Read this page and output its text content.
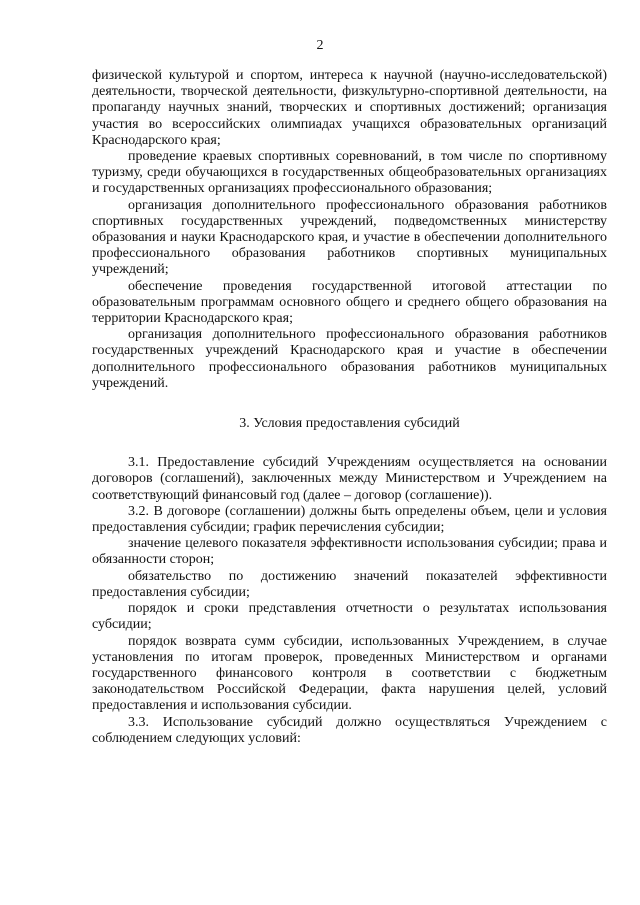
2

физической культурой и спортом, интереса к научной (научно-исследовательской) деятельности, творческой деятельности, физкультурно-спортивной деятельности, на пропаганду научных знаний, творческих и спортивных достижений; организация участия во всероссийских олимпиадах учащихся образовательных организаций Краснодарского края;

проведение краевых спортивных соревнований, в том числе по спортивному туризму, среди обучающихся в государственных общеобразовательных организациях и государственных организациях профессионального образования;

организация дополнительного профессионального образования работников спортивных государственных учреждений, подведомственных министерству образования и науки Краснодарского края, и участие в обеспечении дополнительного профессионального образования работников спортивных муниципальных учреждений;

обеспечение проведения государственной итоговой аттестации по образовательным программам основного общего и среднего общего образования на территории Краснодарского края;

организация дополнительного профессионального образования работников государственных учреждений Краснодарского края и участие в обеспечении дополнительного профессионального образования работников муниципальных учреждений.

3. Условия предоставления субсидий

3.1. Предоставление субсидий Учреждениям осуществляется на основании договоров (соглашений), заключенных между Министерством и Учреждением на соответствующий финансовый год (далее – договор (соглашение)).

3.2. В договоре (соглашении) должны быть определены объем, цели и условия предоставления субсидии; график перечисления субсидии;

значение целевого показателя эффективности использования субсидии; права и обязанности сторон;

обязательство по достижению значений показателей эффективности предоставления субсидии;

порядок и сроки представления отчетности о результатах использования субсидии;

порядок возврата сумм субсидии, использованных Учреждением, в случае установления по итогам проверок, проведенных Министерством и органами государственного финансового контроля в соответствии с бюджетным законодательством Российской Федерации, факта нарушения целей, условий предоставления и использования субсидии.

3.3. Использование субсидий должно осуществляться Учреждением с соблюдением следующих условий:
